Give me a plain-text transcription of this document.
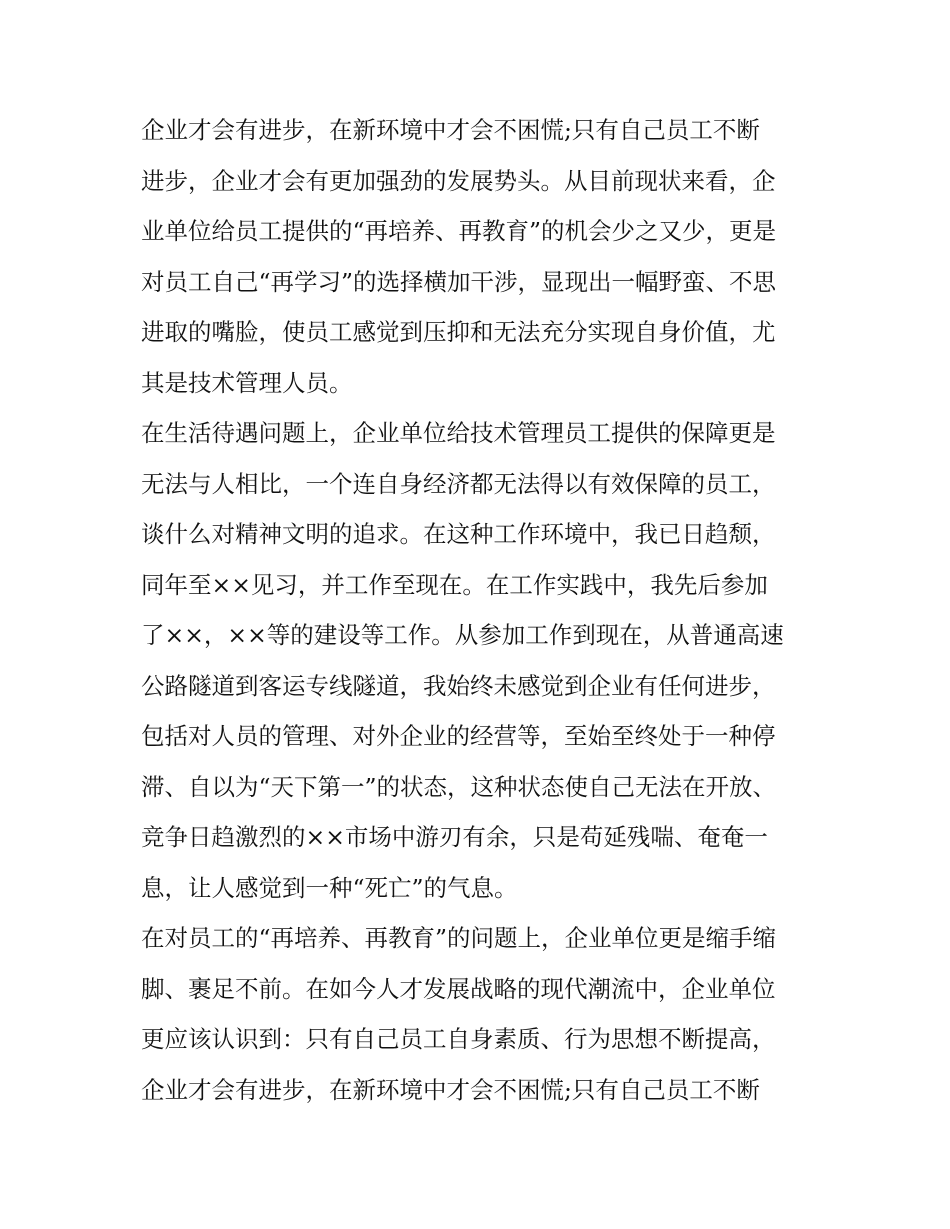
企业才会有进步，在新环境中才会不困慌;只有自己员工不断
进步，企业才会有更加强劲的发展势头。从目前现状来看，企
业单位给员工提供的“再培养、再教育”的机会少之又少，更是
对员工自己“再学习”的选择横加干涉，显现出一幅野蛮、不思
进取的嘴脸，使员工感觉到压抑和无法充分实现自身价值，尤
其是技术管理人员。
在生活待遇问题上，企业单位给技术管理员工提供的保障更是
无法与人相比，一个连自身经济都无法得以有效保障的员工，
谈什么对精神文明的追求。在这种工作环境中，我已日趋颓，
同年至××见习，并工作至现在。在工作实践中，我先后参加
了××，××等的建设等工作。从参加工作到现在，从普通高速
公路隧道到客运专线隧道，我始终未感觉到企业有任何进步，
包括对人员的管理、对外企业的经营等，至始至终处于一种停
滞、自以为“天下第一”的状态，这种状态使自己无法在开放、
竞争日趋激烈的××市场中游刃有余，只是苟延残喘、奄奄一
息，让人感觉到一种“死亡”的气息。
在对员工的“再培养、再教育”的问题上，企业单位更是缩手缩
脚、裹足不前。在如今人才发展战略的现代潮流中，企业单位
更应该认识到：只有自己员工自身素质、行为思想不断提高，
企业才会有进步，在新环境中才会不困慌;只有自己员工不断
